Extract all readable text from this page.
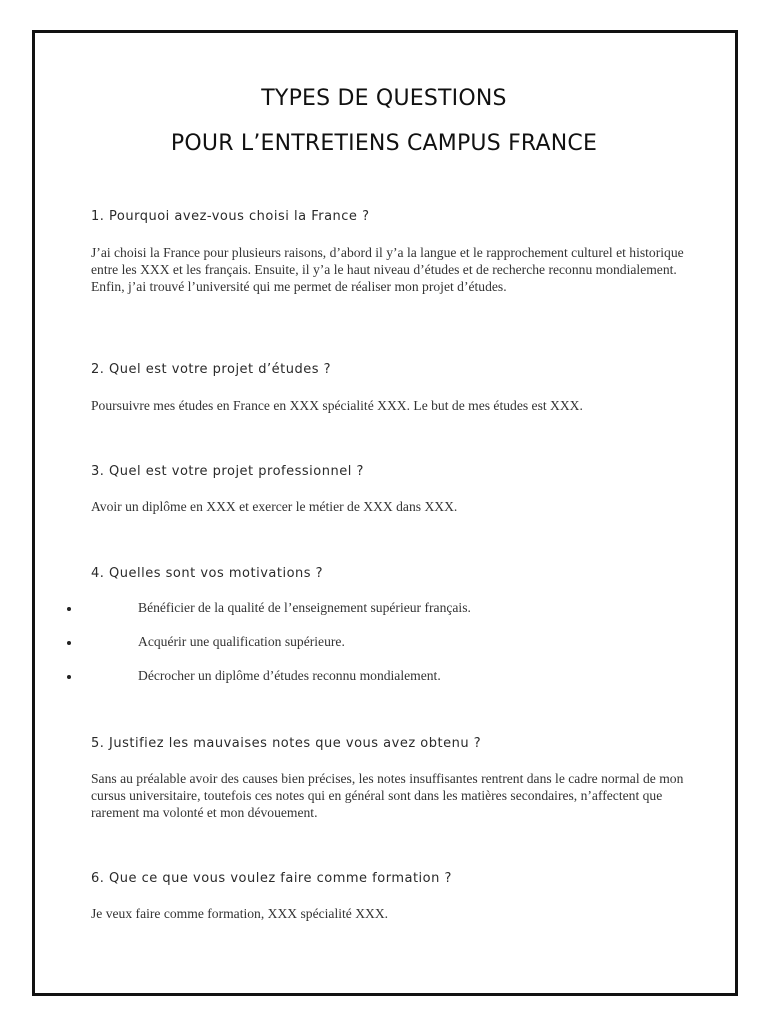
TYPES DE QUESTIONS
POUR L’ENTRETIENS CAMPUS FRANCE
1. Pourquoi avez-vous choisi la France ?
J’ai choisi la France pour plusieurs raisons, d’abord il y’a la langue et le rapprochement culturel et historique entre les XXX et les français. Ensuite, il y’a le haut niveau d’études et de recherche reconnu mondialement. Enfin, j’ai trouvé l’université qui me permet de réaliser mon projet d’études.
2. Quel est votre projet d’études ?
Poursuivre mes études en France en XXX spécialité XXX. Le but de mes études est XXX.
3. Quel est votre projet professionnel ?
Avoir un diplôme en XXX et exercer le métier de XXX dans XXX.
4. Quelles sont vos motivations ?
Bénéficier de la qualité de l’enseignement supérieur français.
Acquérir une qualification supérieure.
Décrocher un diplôme d’études reconnu mondialement.
5. Justifiez les mauvaises notes que vous avez obtenu ?
Sans au préalable avoir des causes bien précises, les notes insuffisantes rentrent dans le cadre normal de mon cursus universitaire, toutefois ces notes qui en général sont dans les matières secondaires, n’affectent que rarement ma volonté et mon dévouement.
6. Que ce que vous voulez faire comme formation ?
Je veux faire comme formation, XXX spécialité XXX.
